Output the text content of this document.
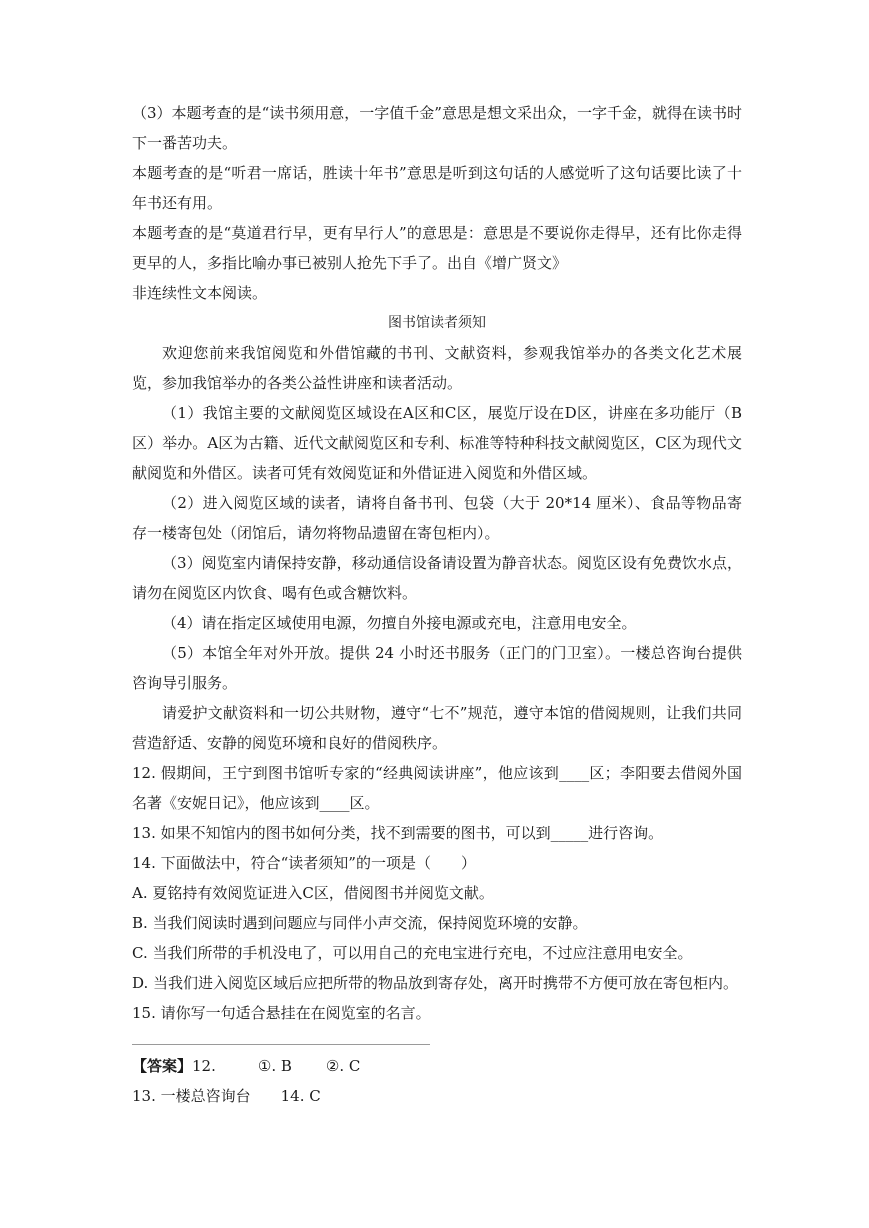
（3）本题考查的是“读书须用意，一字值千金”意思是想文采出众，一字千金，就得在读书时下一番苦功夫。

本题考查的是“听君一席话，胜读十年书”意思是听到这句话的人感觉听了这句话要比读了十年书还有用。

本题考查的是“莫道君行早，更有早行人”的意思是：意思是不要说你走得早，还有比你走得更早的人，多指比喻办事已被别人抢先下手了。出自《增广贤文》

非连续性文本阅读。

图书馆读者须知

欢迎您前来我馆阅览和外借馆藏的书刊、文献资料，参观我馆举办的各类文化艺术展览，参加我馆举办的各类公益性讲座和读者活动。

（1）我馆主要的文献阅览区域设在A区和C区，展览厅设在D区，讲座在多功能厅（B区）举办。A区为古籍、近代文献阅览区和专利、标准等特种科技文献阅览区，C区为现代文献阅览和外借区。读者可凭有效阅览证和外借证进入阅览和外借区域。

（2）进入阅览区域的读者，请将自备书刊、包袋（大于 20*14 厘米）、食品等物品寄存一楼寄包处（闭馆后，请勿将物品遗留在寄包柜内）。

（3）阅览室内请保持安静，移动通信设备请设置为静音状态。阅览区设有免费饮水点，请勿在阅览区内饮食、喝有色或含糖饮料。

（4）请在指定区域使用电源，勿擅自外接电源或充电，注意用电安全。

（5）本馆全年对外开放。提供 24 小时还书服务（正门的门卫室）。一楼总咨询台提供咨询导引服务。

请爱护文献资料和一切公共财物，遵守“七不”规范，遵守本馆的借阅规则，让我们共同营造舒适、安静的阅览环境和良好的借阅秩序。

12. 假期间，王宁到图书馆听专家的“经典阅读讲座”，他应该到____区；李阳要去借阅外国名著《安妮日记》，他应该到____区。

13. 如果不知馆内的图书如何分类，找不到需要的图书，可以到_____进行咨询。

14. 下面做法中，符合“读者须知”的一项是（　　）

A. 夏铭持有效阅览证进入C区，借阅图书并阅览文献。

B. 当我们阅读时遇到问题应与同伴小声交流，保持阅览环境的安静。

C. 当我们所带的手机没电了，可以用自己的充电宝进行充电，不过应注意用电安全。

D. 当我们进入阅览区域后应把所带的物品放到寄存处，离开时携带不方便可放在寄包柜内。

15. 请你写一句适合悬挂在在阅览室的名言。

【答案】12.	①. B ②. C

13. 一楼总咨询台 14. C
